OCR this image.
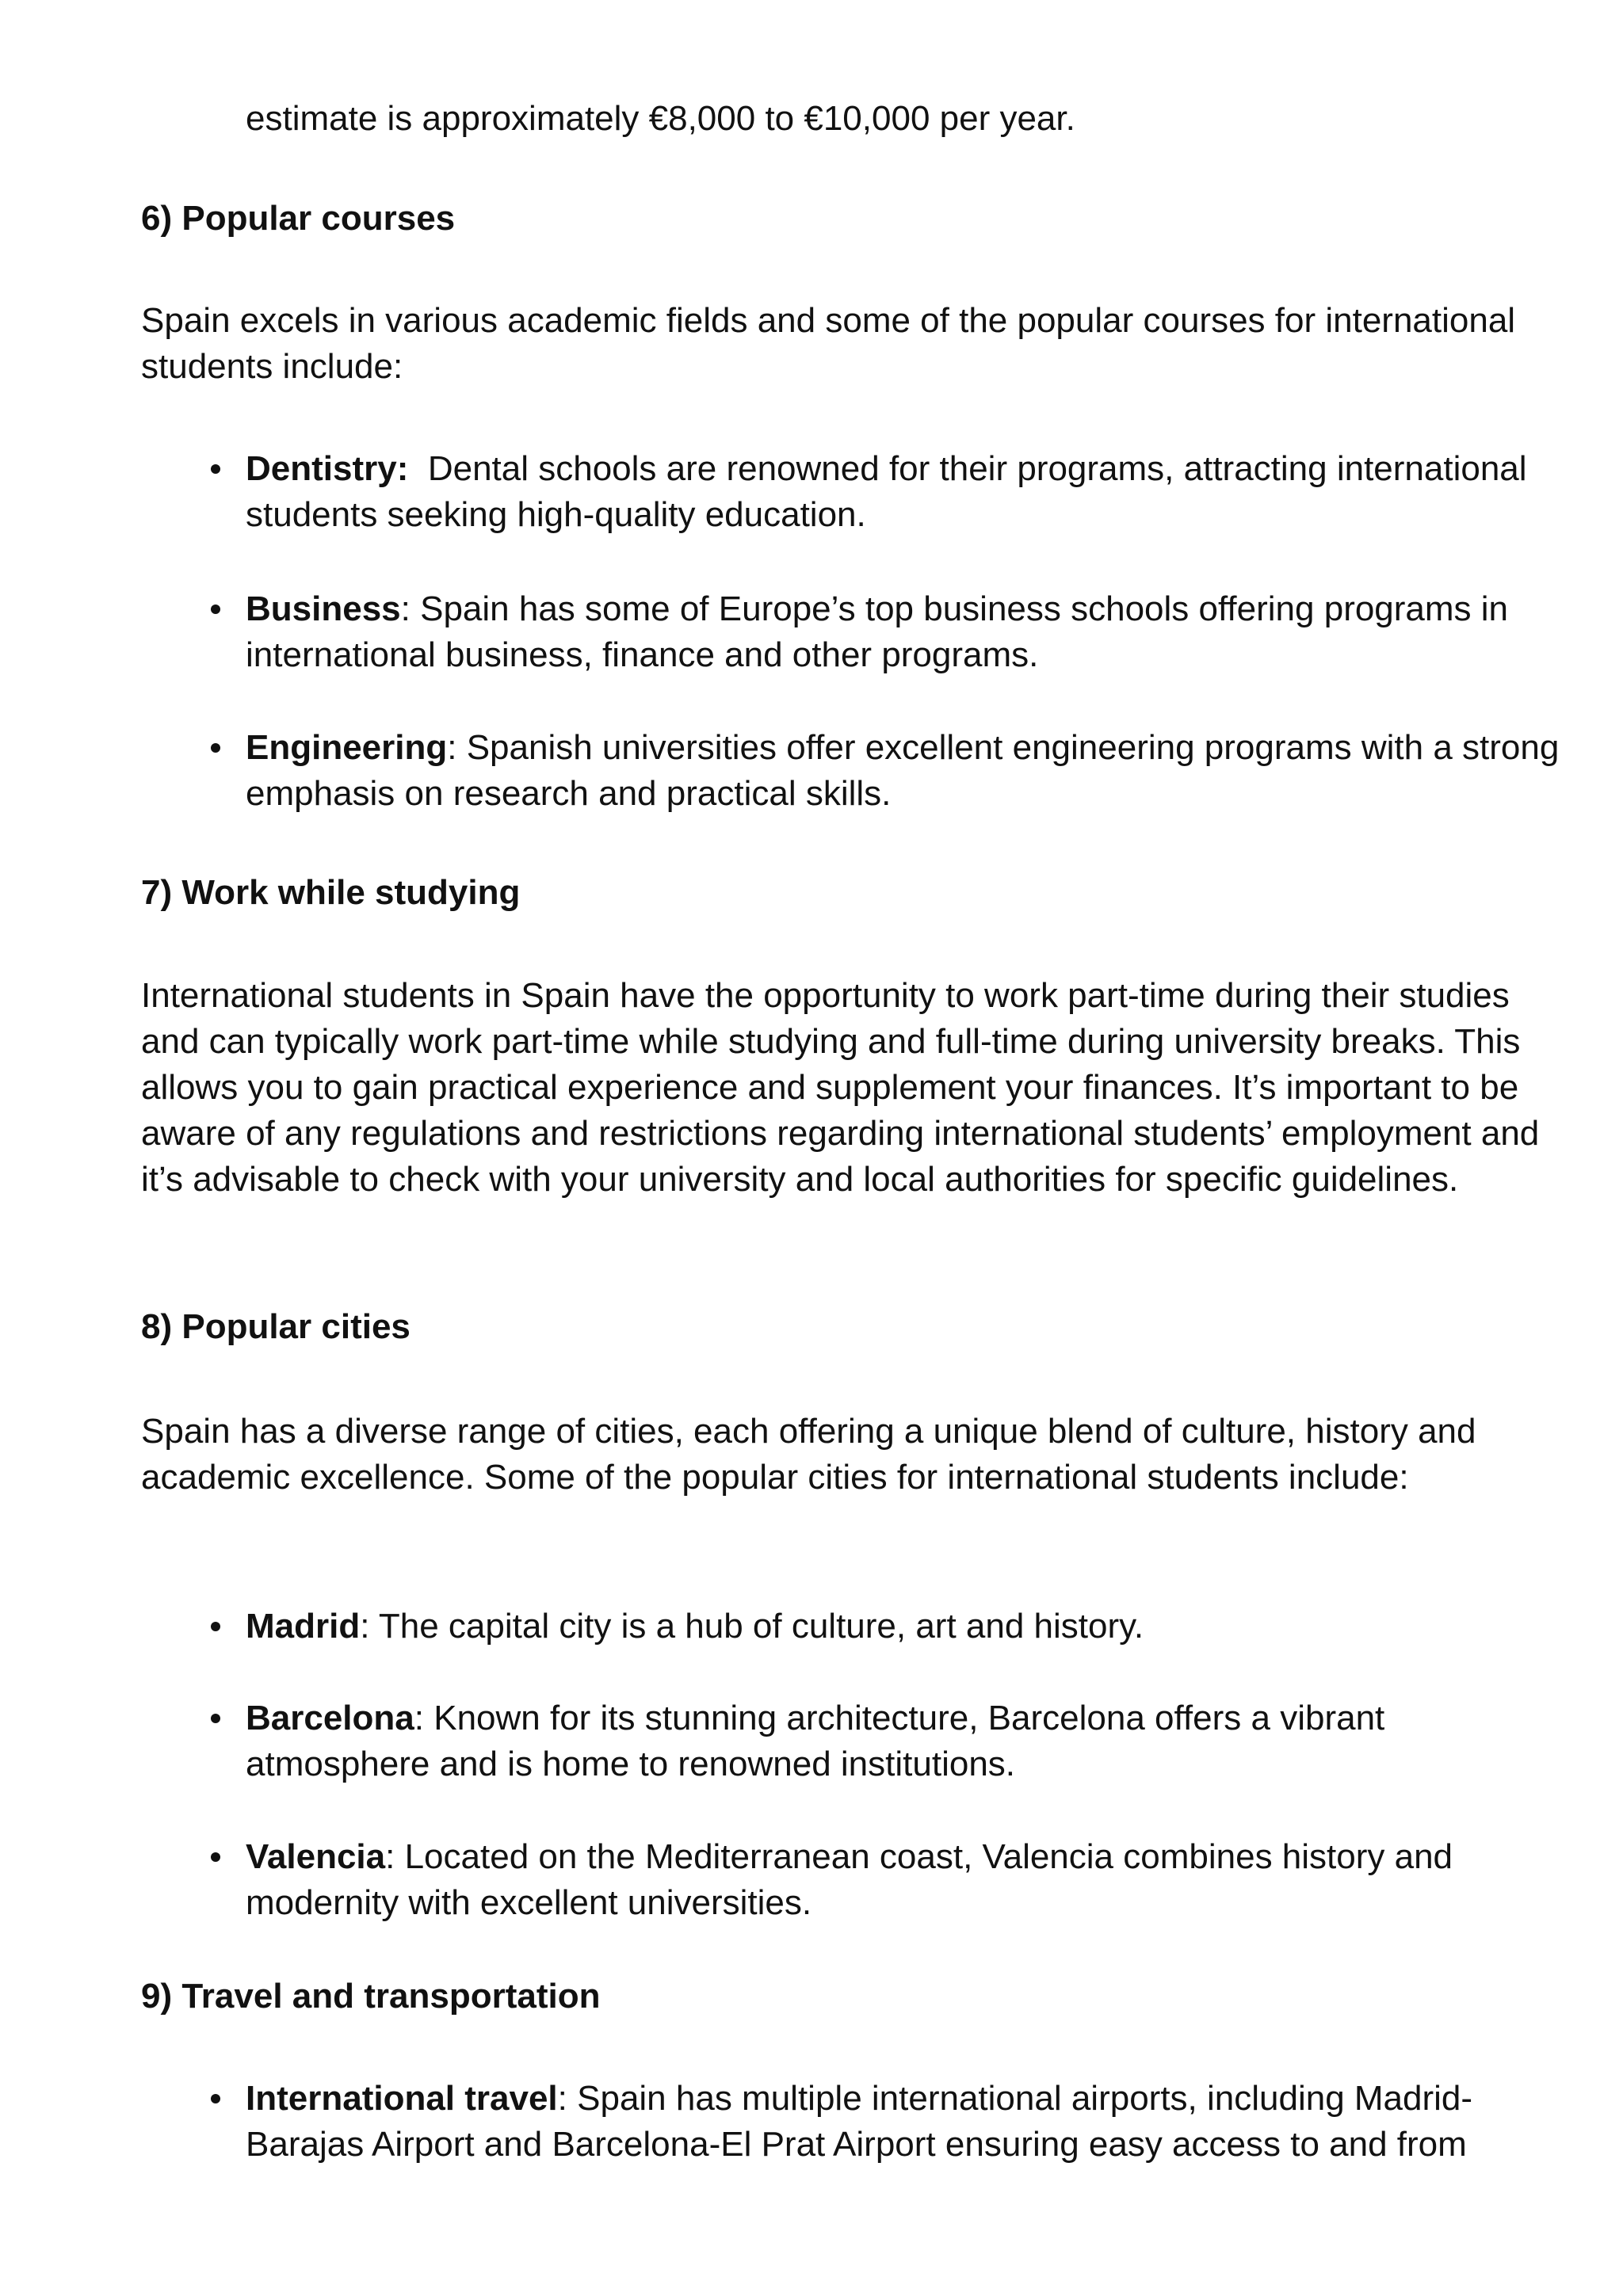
estimate is approximately €8,000 to €10,000 per year.

6) Popular courses

Spain excels in various academic fields and some of the popular courses for international students include:

Dentistry:  Dental schools are renowned for their programs, attracting international students seeking high-quality education.
Business: Spain has some of Europe’s top business schools offering programs in international business, finance and other programs.
Engineering: Spanish universities offer excellent engineering programs with a strong emphasis on research and practical skills.
7) Work while studying

International students in Spain have the opportunity to work part-time during their studies and can typically work part-time while studying and full-time during university breaks. This allows you to gain practical experience and supplement your finances. It’s important to be aware of any regulations and restrictions regarding international students’ employment and it’s advisable to check with your university and local authorities for specific guidelines.

8) Popular cities

Spain has a diverse range of cities, each offering a unique blend of culture, history and academic excellence. Some of the popular cities for international students include:

Madrid: The capital city is a hub of culture, art and history.
Barcelona: Known for its stunning architecture, Barcelona offers a vibrant atmosphere and is home to renowned institutions.
Valencia: Located on the Mediterranean coast, Valencia combines history and modernity with excellent universities.
9) Travel and transportation
International travel: Spain has multiple international airports, including Madrid-Barajas Airport and Barcelona-El Prat Airport ensuring easy access to and from
